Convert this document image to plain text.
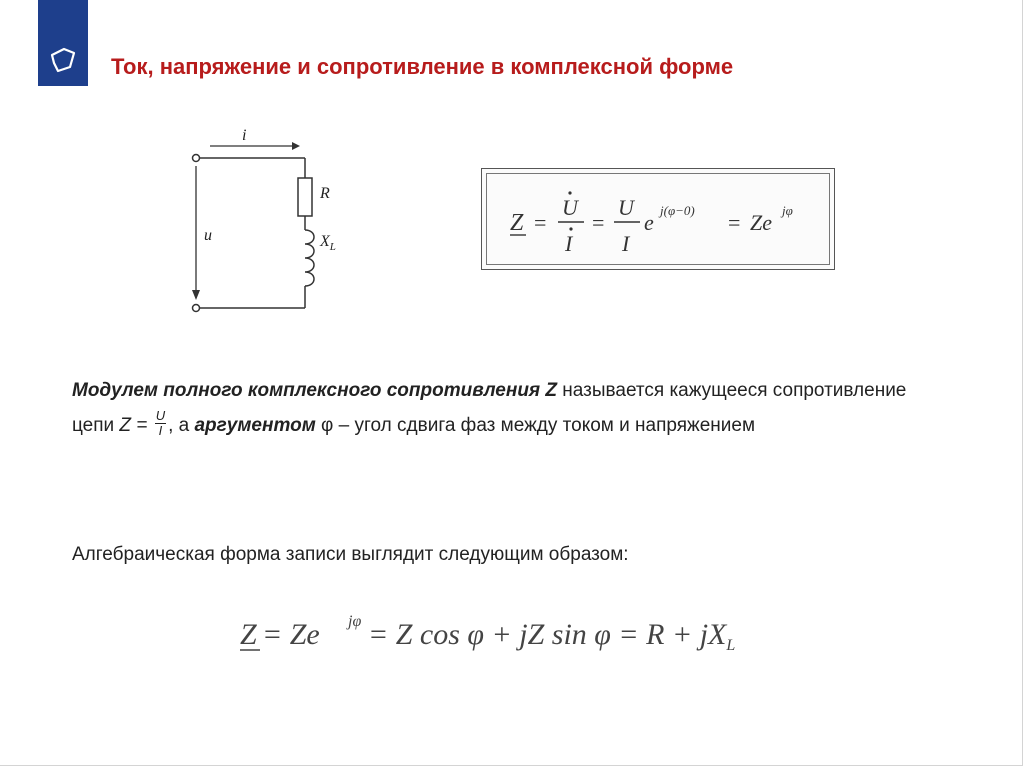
Ток, напряжение и сопротивление в комплексной форме
i
R
$X_L$
u	Z =
U
I
=
U
I
e j(φ−0) = Ze jφ
Модулем полного комплексного сопротивления Z называется кажущееся сопротивление цепи $Z = \frac{U}{I}$ , а аргументом φ – угол сдвига фаз между током и напряжением
Алгебраическая форма записи выглядит следующим образом:
Z = Ze jφ = Z cos φ + jZ $\sin \varphi = R + jX_L$
